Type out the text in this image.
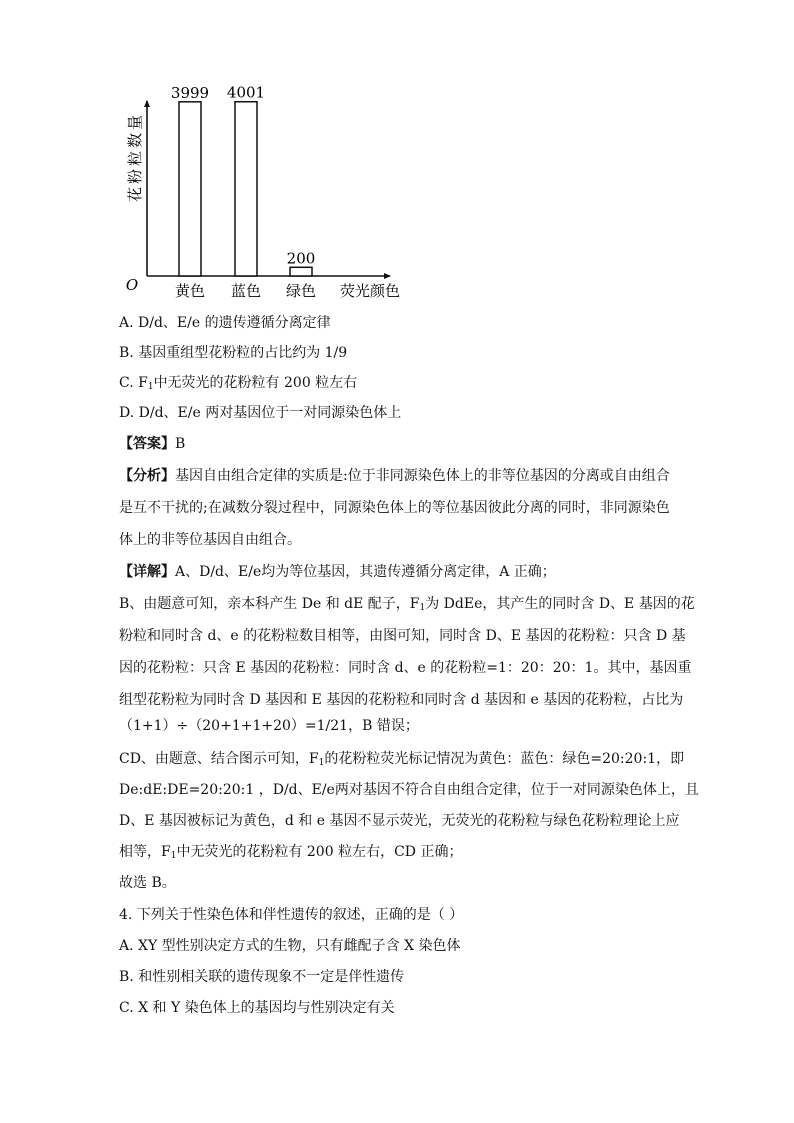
O
花粉粒数量
荧光颜色
3999
黄色
4001
蓝色
200
绿色
A. D/d、E/e 的遗传遵循分离定律
B. 基因重组型花粉粒的占比约为 1/9
C. $F_1$中无荧光的花粉粒有 200 粒左右
D. D/d、E/e 两对基因位于一对同源染色体上
【答案】B
【分析】基因自由组合定律的实质是:位于非同源染色体上的非等位基因的分离或自由组合
是互不干扰的;在减数分裂过程中，同源染色体上的等位基因彼此分离的同时，非同源染色
体上的非等位基因自由组合。
【详解】A、D/d、E/e均为等位基因，其遗传遵循分离定律，A 正确；
B、由题意可知，亲本科产生 De 和 dE 配子，$F_1$为 DdEe，其产生的同时含 D、E 基因的花
粉粒和同时含 d、e 的花粉粒数目相等，由图可知，同时含 D、E 基因的花粉粒：只含 D 基
因的花粉粒：只含 E 基因的花粉粒：同时含 d、e 的花粉粒=1：20：20：1。其中，基因重
组型花粉粒为同时含 D 基因和 E 基因的花粉粒和同时含 d 基因和 e 基因的花粉粒，占比为
（1+1）÷（20+1+1+20）=1/21，B 错误；
CD、由题意、结合图示可知，$F_1$的花粉粒荧光标记情况为黄色：蓝色：绿色=20:20:1，即
De:dE:DE=20:20:1 ，D/d、E/e两对基因不符合自由组合定律，位于一对同源染色体上，且
D、E 基因被标记为黄色，d 和 e 基因不显示荧光，无荧光的花粉粒与绿色花粉粒理论上应
相等，$F_1$中无荧光的花粉粒有 200 粒左右，CD 正确；
故选 B。
4. 下列关于性染色体和伴性遗传的叙述，正确的是（ ）
A. XY 型性别决定方式的生物，只有雌配子含 X 染色体
B. 和性别相关联的遗传现象不一定是伴性遗传
C. X 和 Y 染色体上的基因均与性别决定有关
